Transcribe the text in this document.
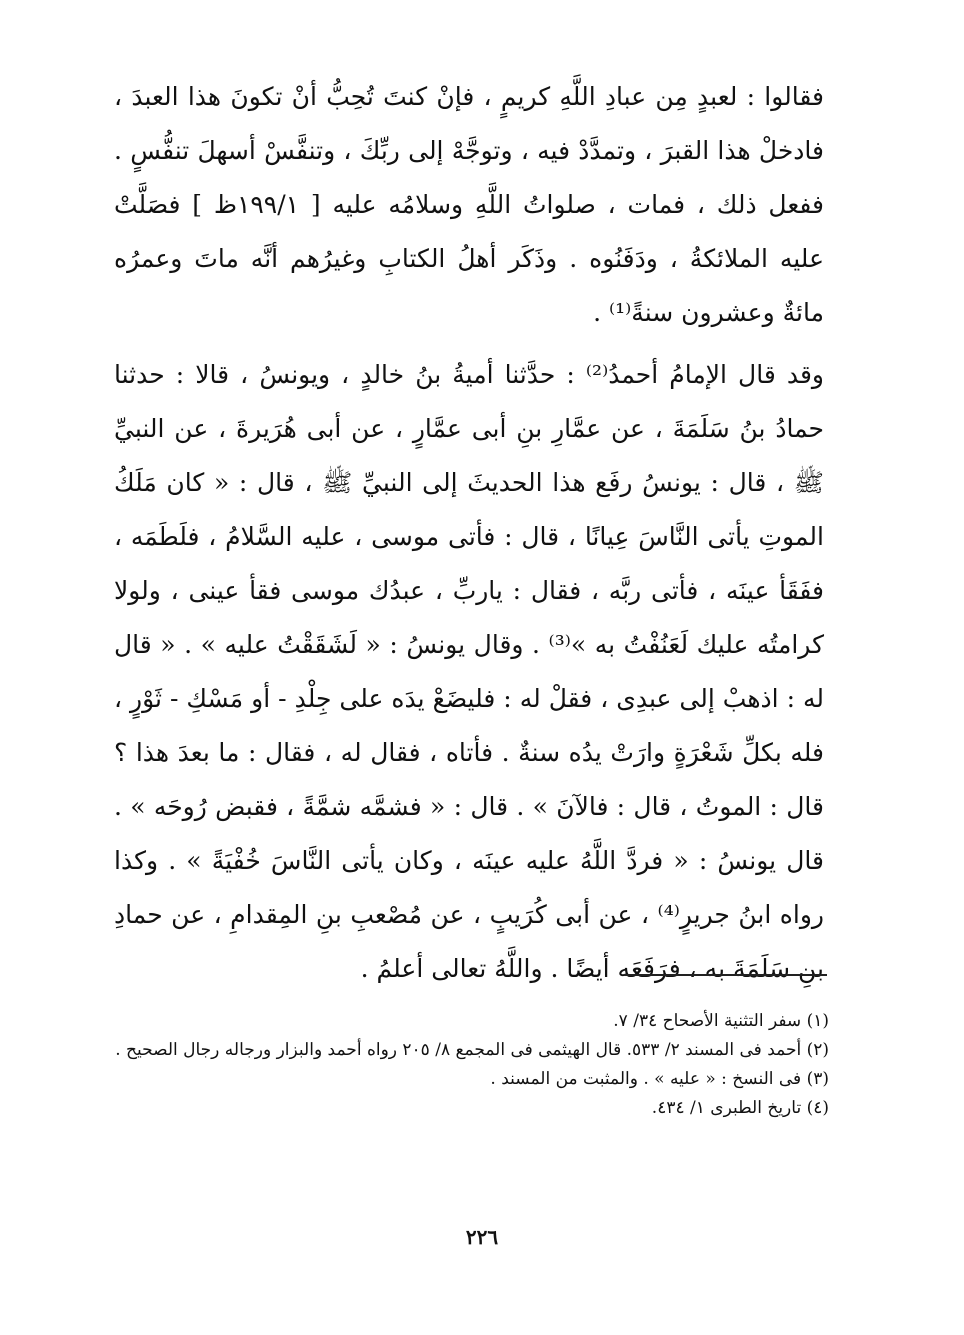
فقالوا : لعبدٍ مِن عبادِ اللَّهِ كريمٍ ، فإنْ كنتَ تُحِبُّ أنْ تكونَ هذا العبدَ ، فادخلْ هذا القبرَ ، وتمدَّدْ فيه ، وتوجَّهْ إلى ربِّكَ ، وتنفَّسْ أسهلَ تنفُّسٍ . ففعل ذلك ، فمات ، صلواتُ اللَّهِ وسلامُه عليه [ ١٩٩/١ظ ] فصَلَّتْ عليه الملائكةُ ، ودَفَنُوه . وذَكَر أهلُ الكتابِ وغيرُهم أنَّه ماتَ وعمرُه مائةٌ وعشرون سنةً⁽¹⁾ .

وقد قال الإمامُ أحمدُ⁽²⁾ : حدَّثنا أميةُ بنُ خالدٍ ، ويونسُ ، قالا : حدثنا حمادُ بنُ سَلَمَةَ ، عن عمَّارِ بنِ أبى عمَّارٍ ، عن أبى هُرَيرةَ ، عن النبيِّ ﷺ ، قال : يونسُ رفَع هذا الحديثَ إلى النبيِّ ﷺ ، قال : « كان مَلَكُ الموتِ يأتى النَّاسَ عِيانًا ، قال : فأتى موسى ، عليه السَّلامُ ، فلَطَمَه ، ففَقَأ عينَه ، فأتى ربَّه ، فقال : ياربِّ ، عبدُك موسى فقأ عينى ، ولولا كرامتُه عليك لَعَنُفْتُ به »⁽³⁾ . وقال يونسُ : « لَشَقَقْتُ عليه » . « قال له : اذهبْ إلى عبدِى ، فقلْ له : فليضَعْ يدَه على جِلْدِ - أو مَسْكِ - ثَوْرٍ ، فله بكلِّ شَعْرَةٍ وارَتْ يدُه سنةٌ . فأتاه ، فقال له ، فقال : ما بعدَ هذا ؟ قال : الموتُ ، قال : فالآنَ » . قال : « فشمَّه شمَّةً ، فقبض رُوحَه » . قال يونسُ : « فردَّ اللَّهُ عليه عينَه ، وكان يأتى النَّاسَ خُفْيَةً » . وكذا رواه ابنُ جريرٍ⁽⁴⁾ ، عن أبى كُرَيبٍ ، عن مُصْعبِ بنِ المِقدامِ ، عن حمادِ بنِ سَلَمَةَ به ، فرَفَعَه أيضًا . واللَّهُ تعالى أعلمُ .

(١) سفر التثنية الأصحاح ٣٤/ ٧.

(٢) أحمد فى المسند ٢/ ٥٣٣. قال الهيثمى فى المجمع ٨/ ٢٠٥ رواه أحمد والبزار ورجاله رجال الصحيح .

(٣) فى النسخ : « عليه » . والمثبت من المسند .

(٤) تاريخ الطبرى ١/ ٤٣٤.

٢٢٦
